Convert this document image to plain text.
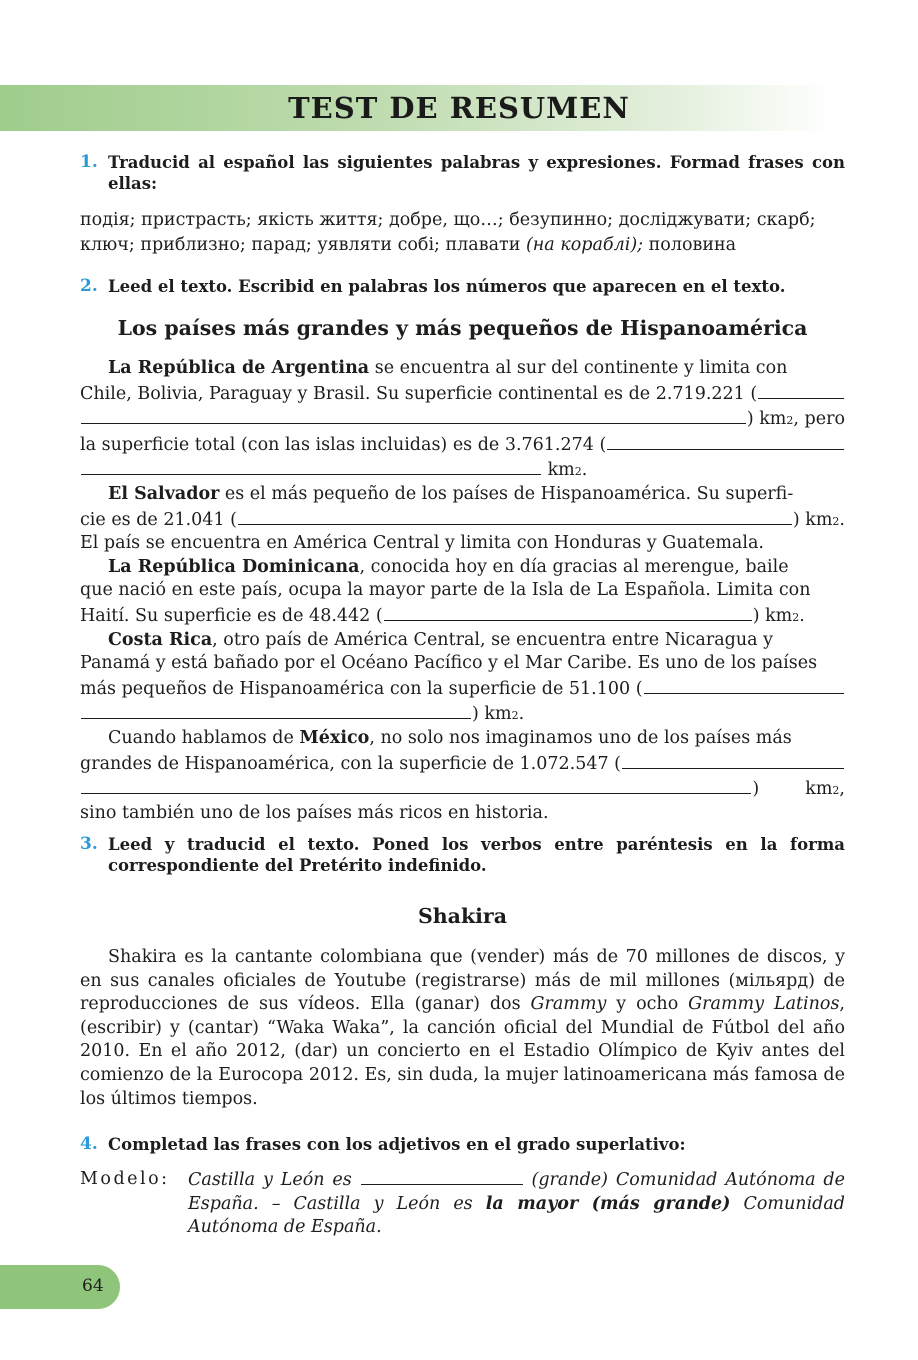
TEST DE RESUMEN
1. Traducid al español las siguientes palabras y expresiones. Formad frases con ellas:
подія; пристрасть; якість життя; добре, що…; безупинно; досліджувати; скарб;
ключ; приблизно; парад; уявляти собі; плавати (на кораблі); половина
2. Leed el texto. Escribid en palabras los números que aparecen en el texto.
Los países más grandes y más pequeños de Hispanoamérica
La República de Argentina se encuentra al sur del continente y limita con
Chile, Bolivia, Paraguay y Brasil. Su superficie continental es de 2.719.221 (
) km 2 , pero
la superficie total (con las islas incluidas) es de 3.761.274 (
km 2 .
El Salvador es el más pequeño de los países de Hispanoamérica. Su superfi-
cie es de 21.041 (	) km 2 .
El país se encuentra en América Central y limita con Honduras y Guatemala.
La República Dominicana , conocida hoy en día gracias al merengue, baile
que nació en este país, ocupa la mayor parte de la Isla de La Española. Limita con
Haití. Su superficie es de 48.442 (	) km 2 .
Costa Rica , otro país de América Central, se encuentra entre Nicaragua y
Panamá y está bañado por el Océano Pacífico y el Mar Caribe. Es uno de los países
más pequeños de Hispanoamérica con la superficie de 51.100 (
) km 2 .
Cuando hablamos de México , no solo nos imaginamos uno de los países más
grandes de Hispanoamérica, con la superficie de 1.072.547 (
)	km 2 ,
sino también uno de los países más ricos en historia.
3. Leed y traducid el texto. Poned los verbos entre paréntesis en la forma correspondiente del Pretérito indefinido.
Shakira
Shakira es la cantante colombiana que (vender) más de 70 millones de discos, y en sus canales oficiales de Youtube (registrarse) más de mil millones (мільярд) de reproducciones de sus vídeos. Ella (ganar) dos Grammy y ocho Grammy Latinos, (escribir) y (cantar) “Waka Waka”, la canción oficial del Mundial de Fútbol del año 2010. En el año 2012, (dar) un concierto en el Estadio Olímpico de Kyiv antes del comienzo de la Eurocopa 2012. Es, sin duda, la mujer latinoamericana más famosa de los últimos tiempos.
4. Completad las frases con los adjetivos en el grado superlativo:
Modelo:	Castilla y León es	(grande) Comunidad Autónoma de España. – Castilla y León es la mayor (más grande) Comunidad Autónoma de España.
64
